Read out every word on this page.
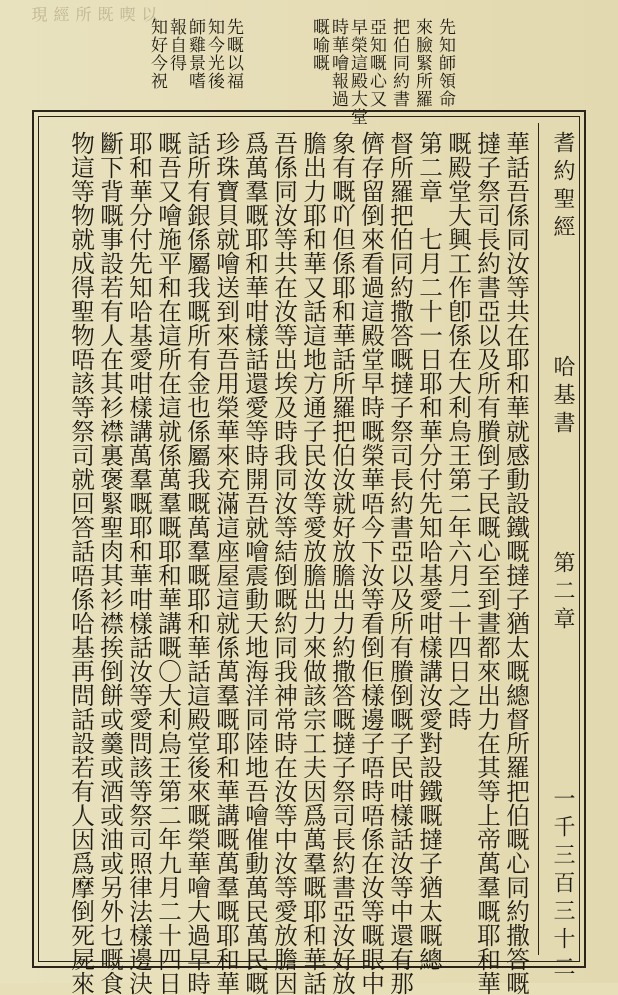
現 經 所 既 喫 以
知好今祝 報自得 師雞景嗜 知今光後 先嘅以福	嘅喻嘅 時華噲報過 早榮這殿大堂 亞知嘅心又 把伯同約書 來臉緊所羅 先知師領命
耆約聖經  哈基書  第二章  一千三百三十二
華話吾係同汝等共在耶和華就感動設鐵嘅撻子猶太嘅總督所羅把伯嘅心同約撒答嘅
撻子祭司長約書亞以及所有賸倒子民嘅心至到晝都來出力在其等上帝萬羣嘅耶和華
嘅殿堂大興工作卽係在大利烏王第二年六月二十四日之時
第二章　七月二十一日耶和華分付先知哈基愛咁樣講汝愛對設鐵嘅撻子猶太嘅總
督所羅把伯同約撒答嘅撻子祭司長約書亞以及所有賸倒嘅子民咁樣話汝等中還有那
儕存留倒來看過這殿堂早時嘅榮華唔今下汝等看倒佢樣邊子唔時唔係在汝等嘅眼中
象有嘅吖但係耶和華話所羅把伯汝就好放膽出力約撒答嘅撻子祭司長約書亞汝好放
膽出力耶和華又話這地方通子民汝等愛放膽出力來做該宗工夫因爲萬羣嘅耶和華話
吾係同汝等共在汝等出埃及時我同汝等結倒嘅約同我神常時在汝等中汝等愛放膽因
爲萬羣嘅耶和華咁樣話還愛等時開吾就噲震動天地海洋同陸地吾噲催動萬民萬民嘅
珍珠寶貝就噲送到來吾用榮華來充滿這座屋這就係萬羣嘅耶和華講嘅萬羣嘅耶和華
話所有銀係屬我嘅所有金也係屬我嘅萬羣嘅耶和華話這殿堂後來嘅榮華噲大過早時
嘅吾又噲施平和在這所在這就係萬羣嘅耶和華講嘅〇大利烏王第二年九月二十四日
耶和華分付先知哈基愛咁樣講萬羣嘅耶和華咁樣話汝等愛問該等祭司照律法樣邊決
斷下背嘅事設若有人在其衫襟裏褒緊聖肉其衫襟挨倒餅或羹或酒或油或另外乜嘅食
物這等物就成得聖物唔該等祭司就回答話唔係哈基再問話設若有人因爲摩倒死屍來
